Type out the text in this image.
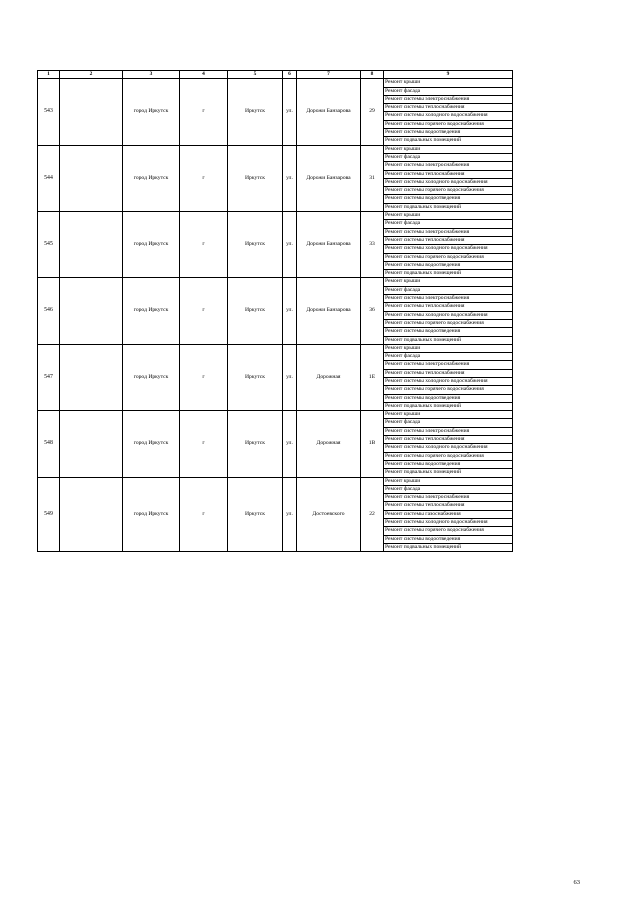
1	2	3	4	5	6	7	8	9
543		город Иркутск	г	Иркутск	ул.	Дорожи Банзарова	29	Ремонт крыши
								Ремонт фасада
								Ремонт системы электроснабжения
								Ремонт системы теплоснабжения
								Ремонт системы холодного водоснабжения
								Ремонт системы горячего водоснабжения
								Ремонт системы водоотведения
								Ремонт подвальных помещений
544		город Иркутск	г	Иркутск	ул.	Дорожи Банзарова	31	Ремонт крыши
								Ремонт фасада
								Ремонт системы электроснабжения
								Ремонт системы теплоснабжения
								Ремонт системы холодного водоснабжения
								Ремонт системы горячего водоснабжения
								Ремонт системы водоотведения
								Ремонт подвальных помещений
545		город Иркутск	г	Иркутск	ул.	Дорожи Банзарова	33	Ремонт крыши
								Ремонт фасада
								Ремонт системы электроснабжения
								Ремонт системы теплоснабжения
								Ремонт системы холодного водоснабжения
								Ремонт системы горячего водоснабжения
								Ремонт системы водоотведения
								Ремонт подвальных помещений
546		город Иркутск	г	Иркутск	ул.	Дорожи Банзарова	36	Ремонт крыши
								Ремонт фасада
								Ремонт системы электроснабжения
								Ремонт системы теплоснабжения
								Ремонт системы холодного водоснабжения
								Ремонт системы горячего водоснабжения
								Ремонт системы водоотведения
								Ремонт подвальных помещений
547		город Иркутск	г	Иркутск	ул.	Дорожная	1Е	Ремонт крыши
								Ремонт фасада
								Ремонт системы электроснабжения
								Ремонт системы теплоснабжения
								Ремонт системы холодного водоснабжения
								Ремонт системы горячего водоснабжения
								Ремонт системы водоотведения
								Ремонт подвальных помещений
548		город Иркутск	г	Иркутск	ул.	Дорожная	1В	Ремонт крыши
								Ремонт фасада
								Ремонт системы электроснабжения
								Ремонт системы теплоснабжения
								Ремонт системы холодного водоснабжения
								Ремонт системы горячего водоснабжения
								Ремонт системы водоотведения
								Ремонт подвальных помещений
549		город Иркутск	г	Иркутск	ул.	Достоевского	22	Ремонт крыши
								Ремонт фасада
								Ремонт системы электроснабжения
								Ремонт системы теплоснабжения
								Ремонт системы газоснабжения
								Ремонт системы холодного водоснабжения
								Ремонт системы горячего водоснабжения
								Ремонт системы водоотведения
								Ремонт подвальных помещений
63
